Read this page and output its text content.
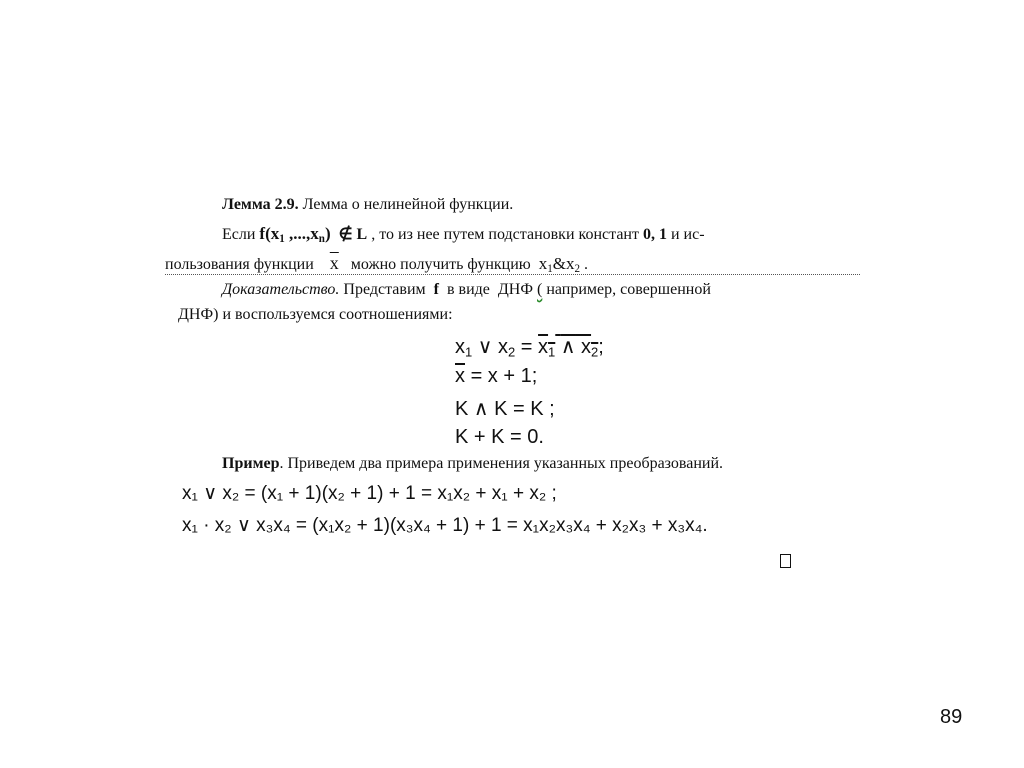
Лемма 2.9. Лемма о нелинейной функции.
Если $f(x_1$ $,...,x_n$) ∉ L , то из нее путем подстановки констант 0, 1 и ис-
пользования функции $\overline{x}$ можно получить функцию $x_1\&x_2$ .
Доказательство. Представим f в виде ДНФ ( например, совершенной
ДНФ) и воспользуемся соотношениями:
$x_1$ ∨ $x_2 = x_1$ ∧ $x_2$;
$\overline{x} = x + 1$;
K ∧ K = K ;
K + K = 0.
Пример. Приведем два примера применения указанных преобразований.
x₁ ∨ x₂ = (x₁ + 1)(x₂ + 1) + 1 = x₁x₂ + x₁ + x₂ ;
x₁ · x₂ ∨ x₃x₄ = (x₁x₂ + 1)(x₃x₄ + 1) + 1 = x₁x₂x₃x₄ + x₂x₃ + x₃x₄.
89
